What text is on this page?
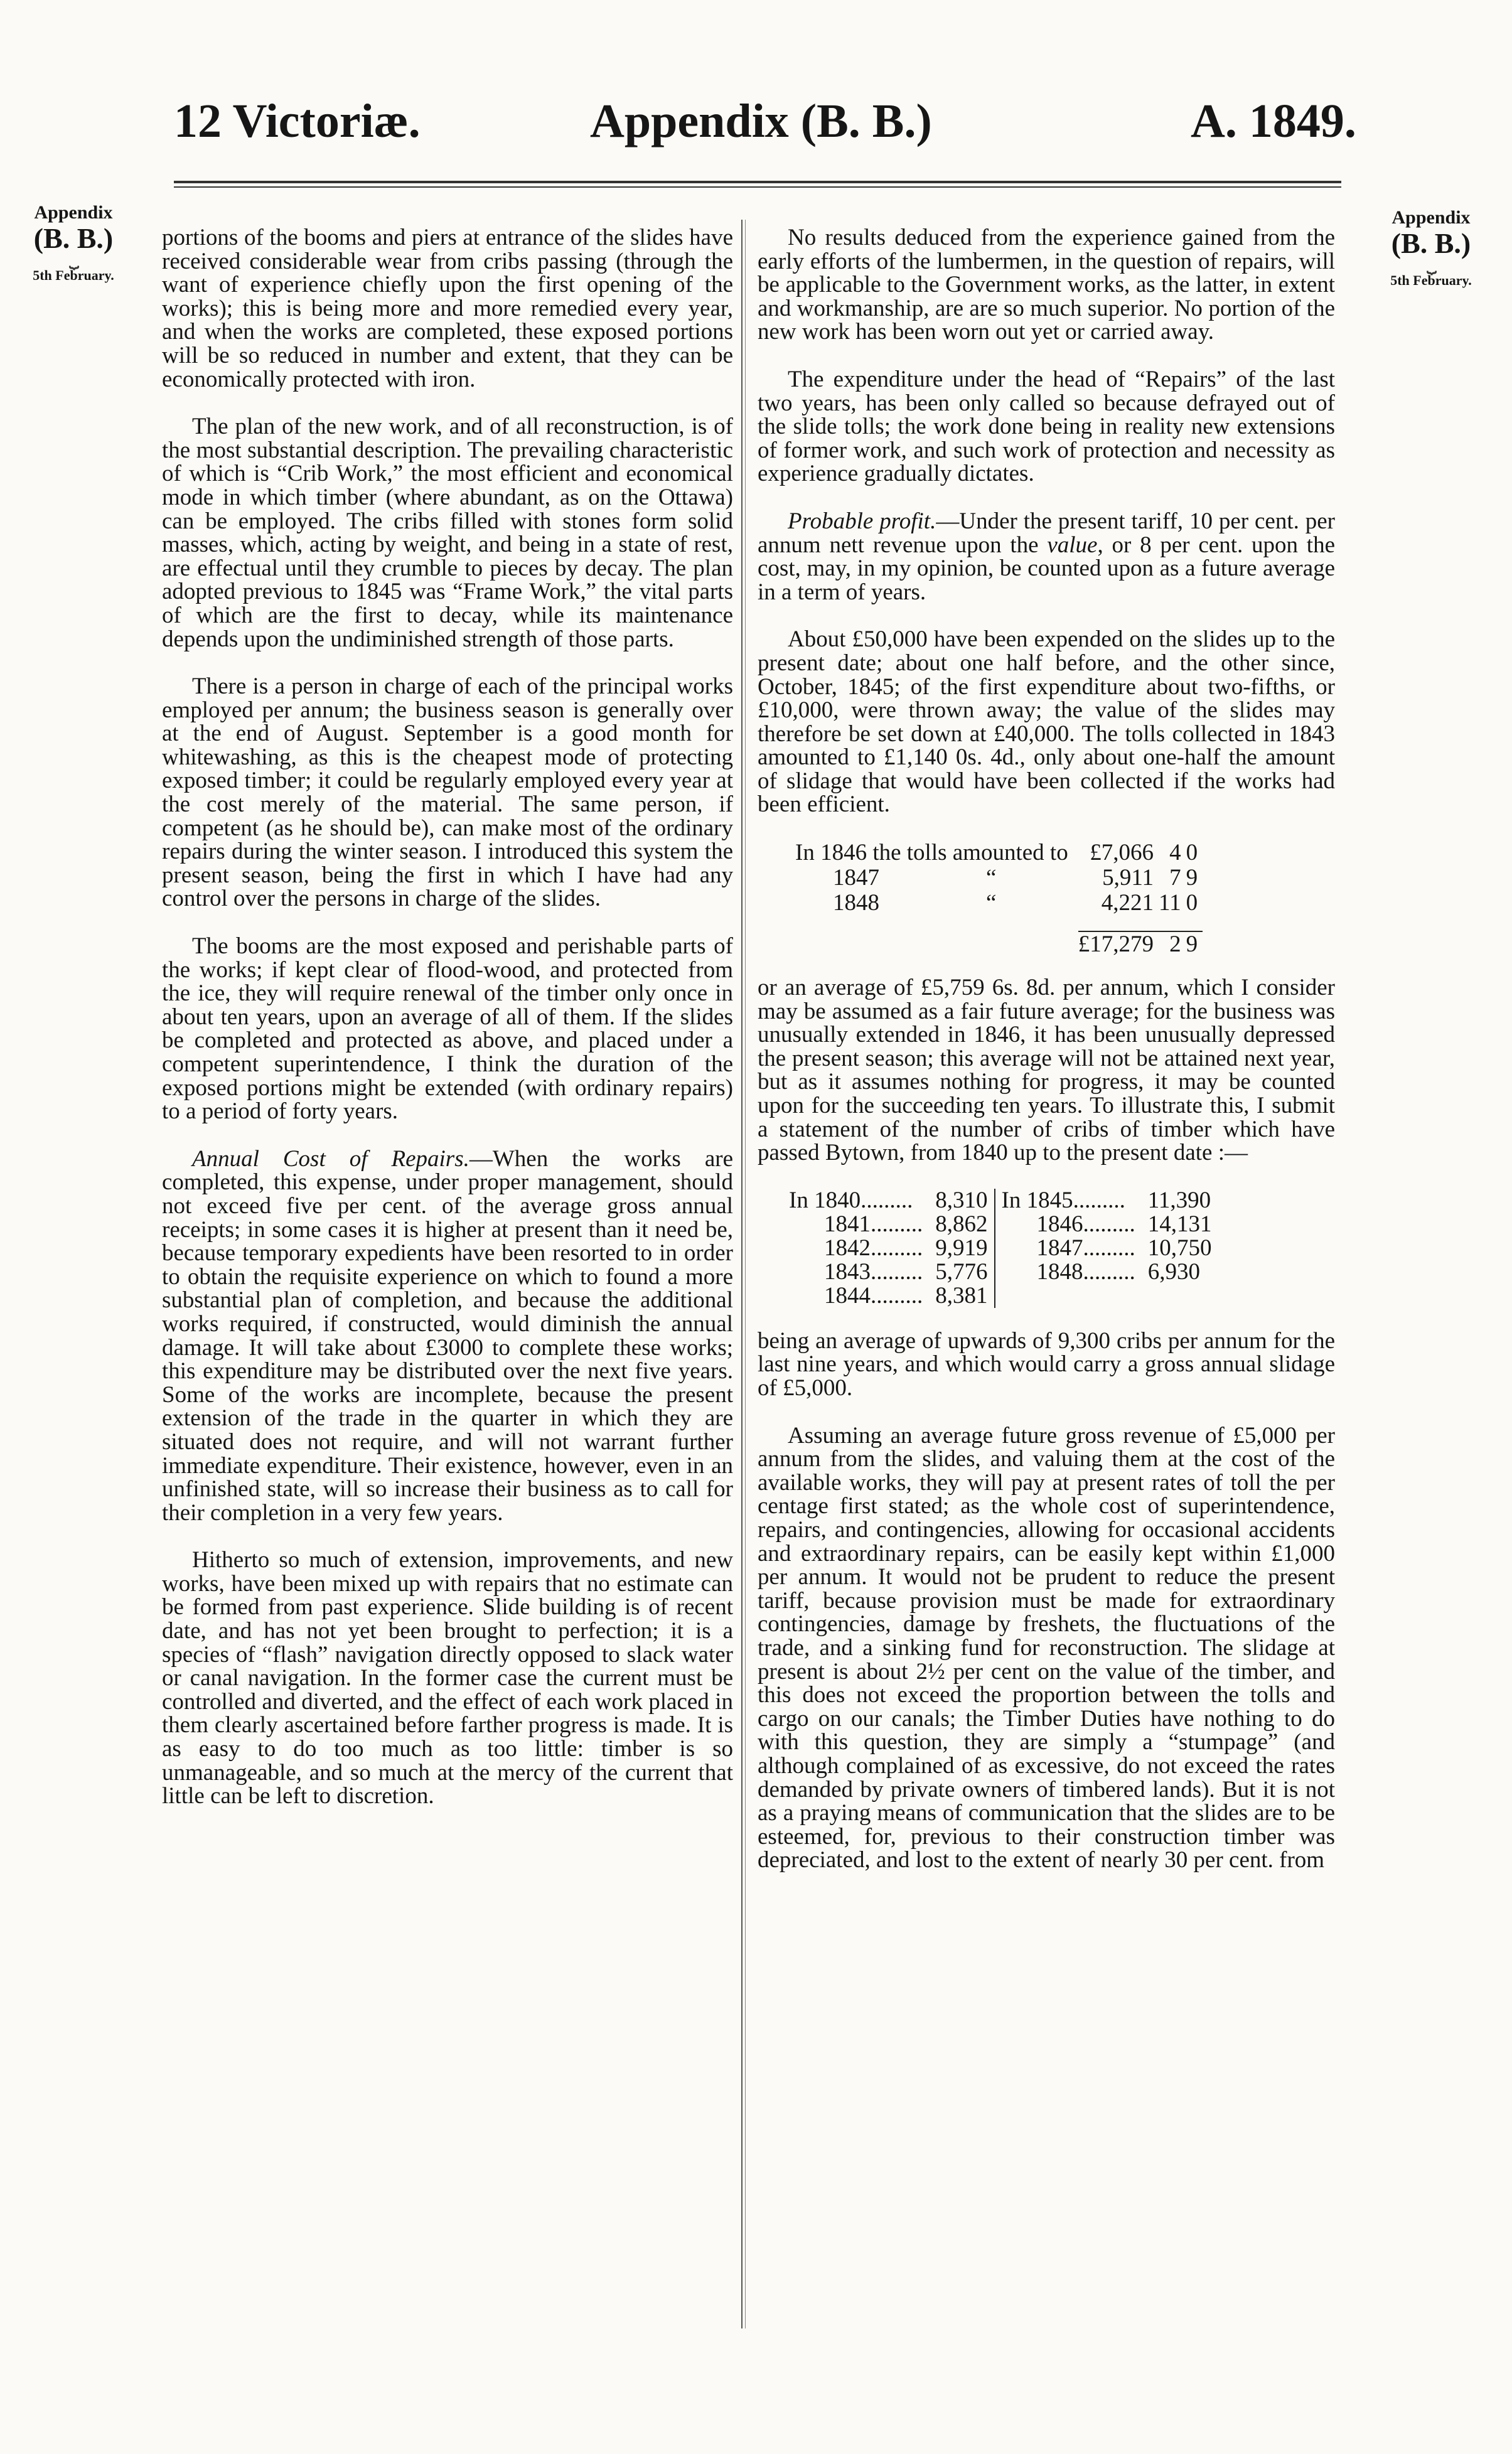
12 Victoriæ.	Appendix (B. B.)	A. 1849.
Appendix
(B. B.)
⏟
5th February.
Appendix
(B. B.)
⏟
5th February.

portions of the booms and piers at entrance of the slides have received considerable wear from cribs passing (through the want of experience chiefly upon the first opening of the works); this is being more and more remedied every year, and when the works are completed, these exposed portions will be so reduced in number and extent, that they can be economically protected with iron.

The plan of the new work, and of all reconstruction, is of the most substantial description. The prevailing characteristic of which is “Crib Work,” the most efficient and economical mode in which timber (where abundant, as on the Ottawa) can be employed. The cribs filled with stones form solid masses, which, acting by weight, and being in a state of rest, are effectual until they crumble to pieces by decay. The plan adopted previous to 1845 was “Frame Work,” the vital parts of which are the first to decay, while its maintenance depends upon the undiminished strength of those parts.

There is a person in charge of each of the principal works employed per annum; the business season is generally over at the end of August. September is a good month for whitewashing, as this is the cheapest mode of protecting exposed timber; it could be regularly employed every year at the cost merely of the material. The same person, if competent (as he should be), can make most of the ordinary repairs during the winter season. I introduced this system the present season, being the first in which I have had any control over the persons in charge of the slides.

The booms are the most exposed and perishable parts of the works; if kept clear of flood-wood, and protected from the ice, they will require renewal of the timber only once in about ten years, upon an average of all of them. If the slides be completed and protected as above, and placed under a competent superintendence, I think the duration of the exposed portions might be extended (with ordinary repairs) to a period of forty years.

Annual Cost of Repairs.—When the works are completed, this expense, under proper management, should not exceed five per cent. of the average gross annual receipts; in some cases it is higher at present than it need be, because temporary expedients have been resorted to in order to obtain the requisite experience on which to found a more substantial plan of completion, and because the additional works required, if constructed, would diminish the annual damage. It will take about £3000 to complete these works; this expenditure may be distributed over the next five years. Some of the works are incomplete, because the present extension of the trade in the quarter in which they are situated does not require, and will not warrant further immediate expenditure. Their existence, however, even in an unfinished state, will so increase their business as to call for their completion in a very few years.

Hitherto so much of extension, improvements, and new works, have been mixed up with repairs that no estimate can be formed from past experience. Slide building is of recent date, and has not yet been brought to perfection; it is a species of “flash” navigation directly opposed to slack water or canal navigation. In the former case the current must be controlled and diverted, and the effect of each work placed in them clearly ascertained before farther progress is made. It is as easy to do too much as too little: timber is so unmanageable, and so much at the mercy of the current that little can be left to discretion.

No results deduced from the experience gained from the early efforts of the lumbermen, in the question of repairs, will be applicable to the Government works, as the latter, in extent and workmanship, are are so much superior. No portion of the new work has been worn out yet or carried away.

The expenditure under the head of “Repairs” of the last two years, has been only called so because defrayed out of the slide tolls; the work done being in reality new extensions of former work, and such work of protection and necessity as experience gradually dictates.

Probable profit.—Under the present tariff, 10 per cent. per annum nett revenue upon the value, or 8 per cent. upon the cost, may, in my opinion, be counted upon as a future average in a term of years.

About £50,000 have been expended on the slides up to the present date; about one half before, and the other since, October, 1845; of the first expenditure about two-fifths, or £10,000, were thrown away; the value of the slides may therefore be set down at £40,000. The tolls collected in 1843 amounted to £1,140 0s. 4d., only about one-half the amount of slidage that would have been collected if the works had been efficient.

In 1846 the tolls amounted to		£7,066	4	0
1847 “		5,911	7	9
1848 “		4,221	11	0

		£17,279	2	9

or an average of £5,759 6s. 8d. per annum, which I consider may be assumed as a fair future average; for the business was unusually extended in 1846, it has been unusually depressed the present season; this average will not be attained next year, but as it assumes nothing for progress, it may be counted upon for the succeeding ten years. To illustrate this, I submit a statement of the number of cribs of timber which have passed Bytown, from 1840 up to the present date :—

In 1840.........	8,310	In 1845.........	11,390
1841.........	8,862	1846.........	14,131
1842.........	9,919	1847.........	10,750
1843.........	5,776	1848.........	6,930
1844.........	8,381		

being an average of upwards of 9,300 cribs per annum for the last nine years, and which would carry a gross annual slidage of £5,000.

Assuming an average future gross revenue of £5,000 per annum from the slides, and valuing them at the cost of the available works, they will pay at present rates of toll the per centage first stated; as the whole cost of superintendence, repairs, and contingencies, allowing for occasional accidents and extraordinary repairs, can be easily kept within £1,000 per annum. It would not be prudent to reduce the present tariff, because provision must be made for extraordinary contingencies, damage by freshets, the fluctuations of the trade, and a sinking fund for reconstruction. The slidage at present is about 2½ per cent on the value of the timber, and this does not exceed the proportion between the tolls and cargo on our canals; the Timber Duties have nothing to do with this question, they are simply a “stumpage” (and although complained of as excessive, do not exceed the rates demanded by private owners of timbered lands). But it is not as a praying means of communication that the slides are to be esteemed, for, previous to their construction timber was depreciated, and lost to the extent of nearly 30 per cent. from
